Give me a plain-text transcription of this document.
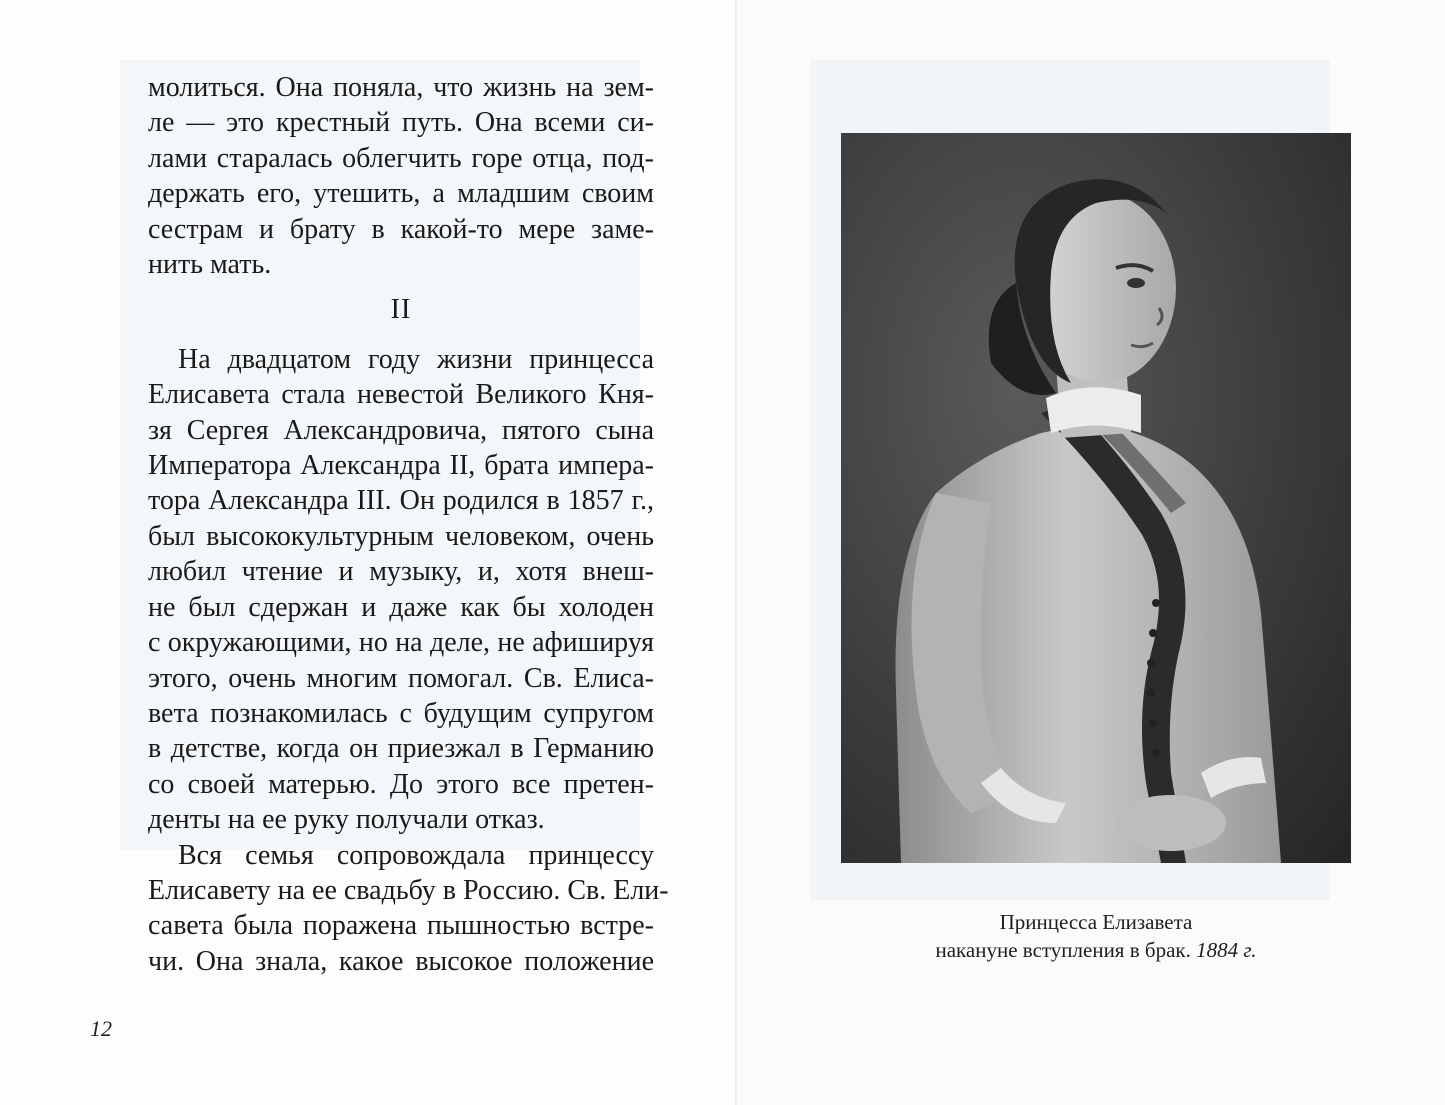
молиться. Она поняла, что жизнь на зем-
ле — это крестный путь. Она всеми си-
лами старалась облегчить горе отца, под-
держать его, утешить, а младшим своим
сестрам и брату в какой-то мере заме-
нить мать.

II

На двадцатом году жизни принцесса
Елисавета стала невестой Великого Кня-
зя Сергея Александровича, пятого сына
Императора Александра II, брата импера-
тора Александра III. Он родился в 1857 г.,
был высококультурным человеком, очень
любил чтение и музыку, и, хотя внеш-
не был сдержан и даже как бы холоден
с окружающими, но на деле, не афишируя
этого, очень многим помогал. Св. Елиса-
вета познакомилась с будущим супругом
в детстве, когда он приезжал в Германию
со своей матерью. До этого все претен-
денты на ее руку получали отказ.

Вся семья сопровождала принцессу
Елисавету на ее свадьбу в Россию. Св. Ели-
савета была поражена пышностью встре-
чи. Она знала, какое высокое положение

12
Принцесса Елизавета
накануне вступления в брак. 1884 г.
